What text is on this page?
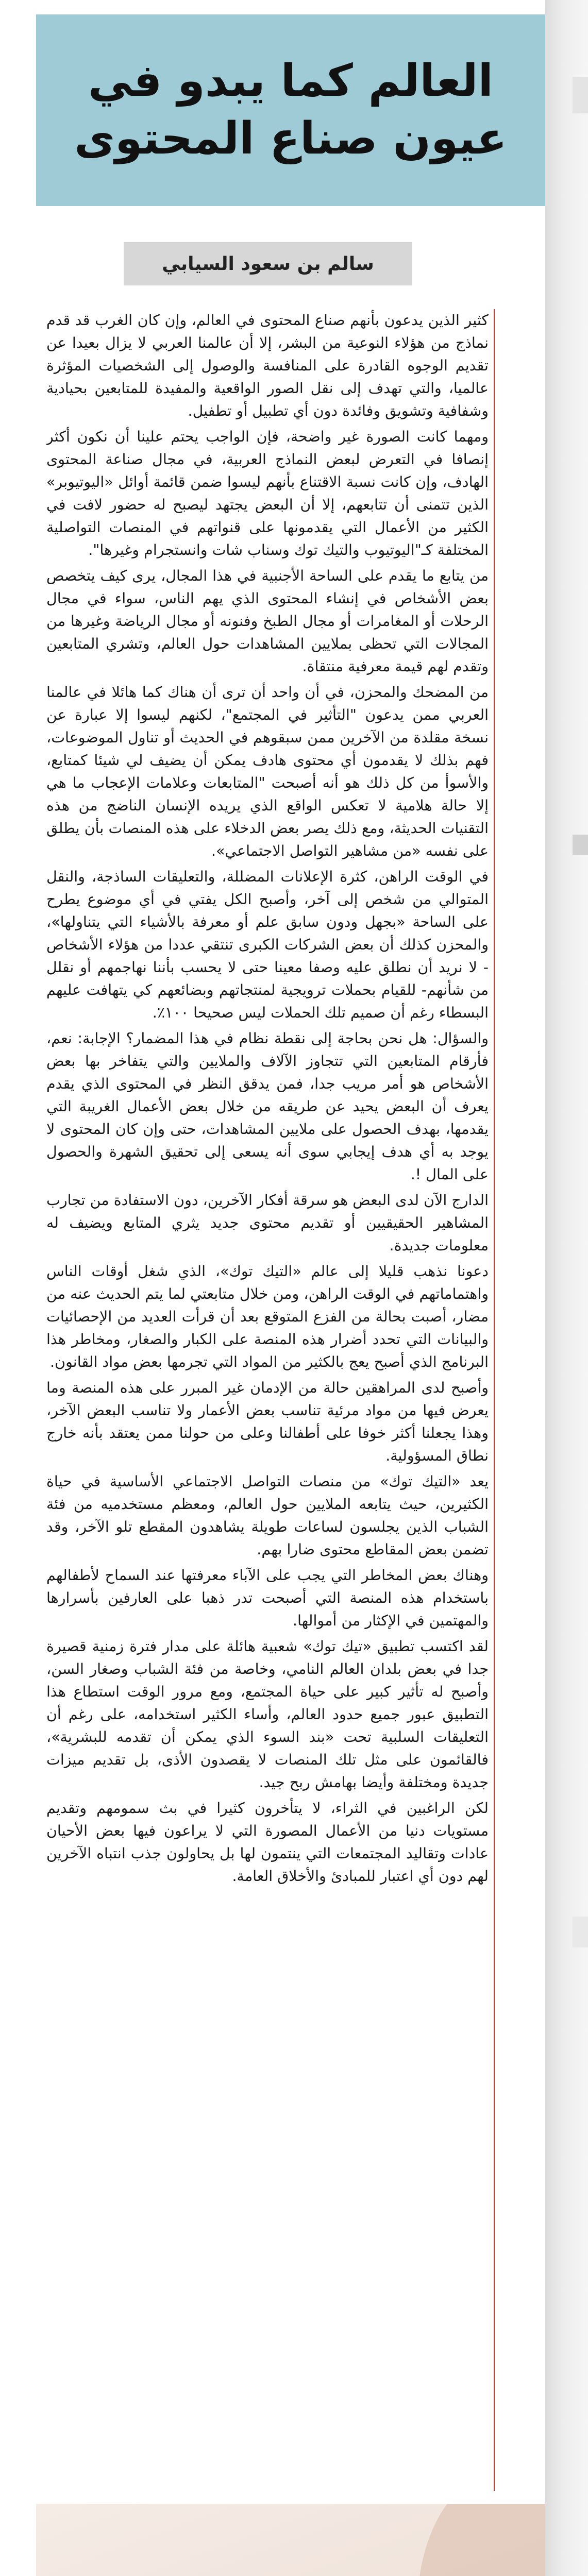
العالم كما يبدو في
عيون صناع المحتوى
سالم بن سعود السيابي

كثير الذين يدعون بأنهم صناع المحتوى في العالم، وإن كان الغرب قد قدم نماذج من هؤلاء النوعية من البشر، إلا أن عالمنا العربي لا يزال بعيدا عن تقديم الوجوه القادرة على المنافسة والوصول إلى الشخصيات المؤثرة عالميا، والتي تهدف إلى نقل الصور الواقعية والمفيدة للمتابعين بحيادية وشفافية وتشويق وفائدة دون أي تطبيل أو تطفيل.

ومهما كانت الصورة غير واضحة، فإن الواجب يحتم علينا أن نكون أكثر إنصافا في التعرض لبعض النماذج العربية، في مجال صناعة المحتوى الهادف، وإن كانت نسبة الاقتناع بأنهم ليسوا ضمن قائمة أوائل «اليوتيوبر» الذين تتمنى أن تتابعهم، إلا أن البعض يجتهد ليصبح له حضور لافت في الكثير من الأعمال التي يقدمونها على قنواتهم في المنصات التواصلية المختلفة كـ"اليوتيوب والتيك توك وسناب شات وانستجرام وغيرها".

من يتابع ما يقدم على الساحة الأجنبية في هذا المجال، يرى كيف يتخصص بعض الأشخاص في إنشاء المحتوى الذي يهم الناس، سواء في مجال الرحلات أو المغامرات أو مجال الطبخ وفنونه أو مجال الرياضة وغيرها من المجالات التي تحظى بملايين المشاهدات حول العالم، وتشري المتابعين وتقدم لهم قيمة معرفية منتقاة.

من المضحك والمحزن، في أن واحد أن ترى أن هناك كما هائلا في عالمنا العربي ممن يدعون "التأثير في المجتمع"، لكنهم ليسوا إلا عبارة عن نسخة مقلدة من الآخرين ممن سبقوهم في الحديث أو تناول الموضوعات، فهم بذلك لا يقدمون أي محتوى هادف يمكن أن يضيف لي شيئا كمتابع، والأسوأ من كل ذلك هو أنه أصبحت "المتابعات وعلامات الإعجاب ما هي إلا حالة هلامية لا تعكس الواقع الذي يريده الإنسان الناضج من هذه التقنيات الحديثة، ومع ذلك يصر بعض الدخلاء على هذه المنصات بأن يطلق على نفسه «من مشاهير التواصل الاجتماعي».

في الوقت الراهن، كثرة الإعلانات المضللة، والتعليقات الساذجة، والنقل المتوالي من شخص إلى آخر، وأصبح الكل يفتي في أي موضوع يطرح على الساحة «بجهل ودون سابق علم أو معرفة بالأشياء التي يتناولها»، والمحزن كذلك أن بعض الشركات الكبرى تنتقي عددا من هؤلاء الأشخاص - لا نريد أن نطلق عليه وصفا معينا حتى لا يحسب بأننا نهاجمهم أو نقلل من شأنهم- للقيام بحملات ترويجية لمنتجاتهم وبضائعهم كي يتهافت عليهم البسطاء رغم أن صميم تلك الحملات ليس صحيحا ١٠٠٪.

والسؤال: هل نحن بحاجة إلى نقطة نظام في هذا المضمار؟ الإجابة: نعم، فأرقام المتابعين التي تتجاوز الآلاف والملايين والتي يتفاخر بها بعض الأشخاص هو أمر مريب جدا، فمن يدقق النظر في المحتوى الذي يقدم يعرف أن البعض يحيد عن طريقه من خلال بعض الأعمال الغريبة التي يقدمها، بهدف الحصول على ملايين المشاهدات، حتى وإن كان المحتوى لا يوجد به أي هدف إيجابي سوى أنه يسعى إلى تحقيق الشهرة والحصول على المال !.

الدارج الآن لدى البعض هو سرقة أفكار الآخرين، دون الاستفادة من تجارب المشاهير الحقيقيين أو تقديم محتوى جديد يثري المتابع ويضيف له معلومات جديدة.

دعونا نذهب قليلا إلى عالم «التيك توك»، الذي شغل أوقات الناس واهتماماتهم في الوقت الراهن، ومن خلال متابعتي لما يتم الحديث عنه من مضار، أصبت بحالة من الفزع المتوقع بعد أن قرأت العديد من الإحصائيات والبيانات التي تحدد أضرار هذه المنصة على الكبار والصغار، ومخاطر هذا البرنامج الذي أصبح يعج بالكثير من المواد التي تجرمها بعض مواد القانون.

وأصبح لدى المراهقين حالة من الإدمان غير المبرر على هذه المنصة وما يعرض فيها من مواد مرئية تناسب بعض الأعمار ولا تناسب البعض الآخر، وهذا يجعلنا أكثر خوفا على أطفالنا وعلى من حولنا ممن يعتقد بأنه خارج نطاق المسؤولية.

يعد «التيك توك» من منصات التواصل الاجتماعي الأساسية في حياة الكثيرين، حيث يتابعه الملايين حول العالم، ومعظم مستخدميه من فئة الشباب الذين يجلسون لساعات طويلة يشاهدون المقطع تلو الآخر، وقد تضمن بعض المقاطع محتوى ضارا بهم.

وهناك بعض المخاطر التي يجب على الآباء معرفتها عند السماح لأطفالهم باستخدام هذه المنصة التي أصبحت تدر ذهبا على العارفين بأسرارها والمهتمين في الإكثار من أموالها.

لقد اكتسب تطبيق «تيك توك» شعبية هائلة على مدار فترة زمنية قصيرة جدا في بعض بلدان العالم النامي، وخاصة من فئة الشباب وصغار السن، وأصبح له تأثير كبير على حياة المجتمع، ومع مرور الوقت استطاع هذا التطبيق عبور جميع حدود العالم، وأساء الكثير استخدامه، على رغم أن التعليقات السلبية تحت «بند السوء الذي يمكن أن تقدمه للبشرية»، فالقائمون على مثل تلك المنصات لا يقصدون الأذى، بل تقديم ميزات جديدة ومختلفة وأيضا بهامش ربح جيد.

لكن الراغبين في الثراء، لا يتأخرون كثيرا في بث سمومهم وتقديم مستويات دنيا من الأعمال المصورة التي لا يراعون فيها بعض الأحيان عادات وتقاليد المجتمعات التي ينتمون لها بل يحاولون جذب انتباه الآخرين لهم دون أي اعتبار للمبادئ والأخلاق العامة.
